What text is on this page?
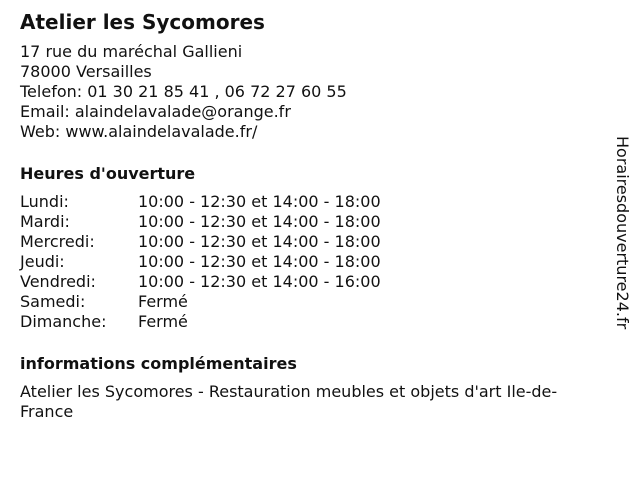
Atelier les Sycomores
17 rue du maréchal Gallieni
78000 Versailles
Telefon: 01 30 21 85 41 , 06 72 27 60 55
Email: alaindelavalade@orange.fr
Web: www.alaindelavalade.fr/
Heures d'ouverture
Lundi:	10:00 - 12:30 et 14:00 - 18:00
Mardi:	10:00 - 12:30 et 14:00 - 18:00
Mercredi:	10:00 - 12:30 et 14:00 - 18:00
Jeudi:	10:00 - 12:30 et 14:00 - 18:00
Vendredi:	10:00 - 12:30 et 14:00 - 16:00
Samedi:	Fermé
Dimanche:	Fermé
informations complémentaires
Atelier les Sycomores - Restauration meubles et objets d'art Ile-de-France
Horairesdouverture24.fr
